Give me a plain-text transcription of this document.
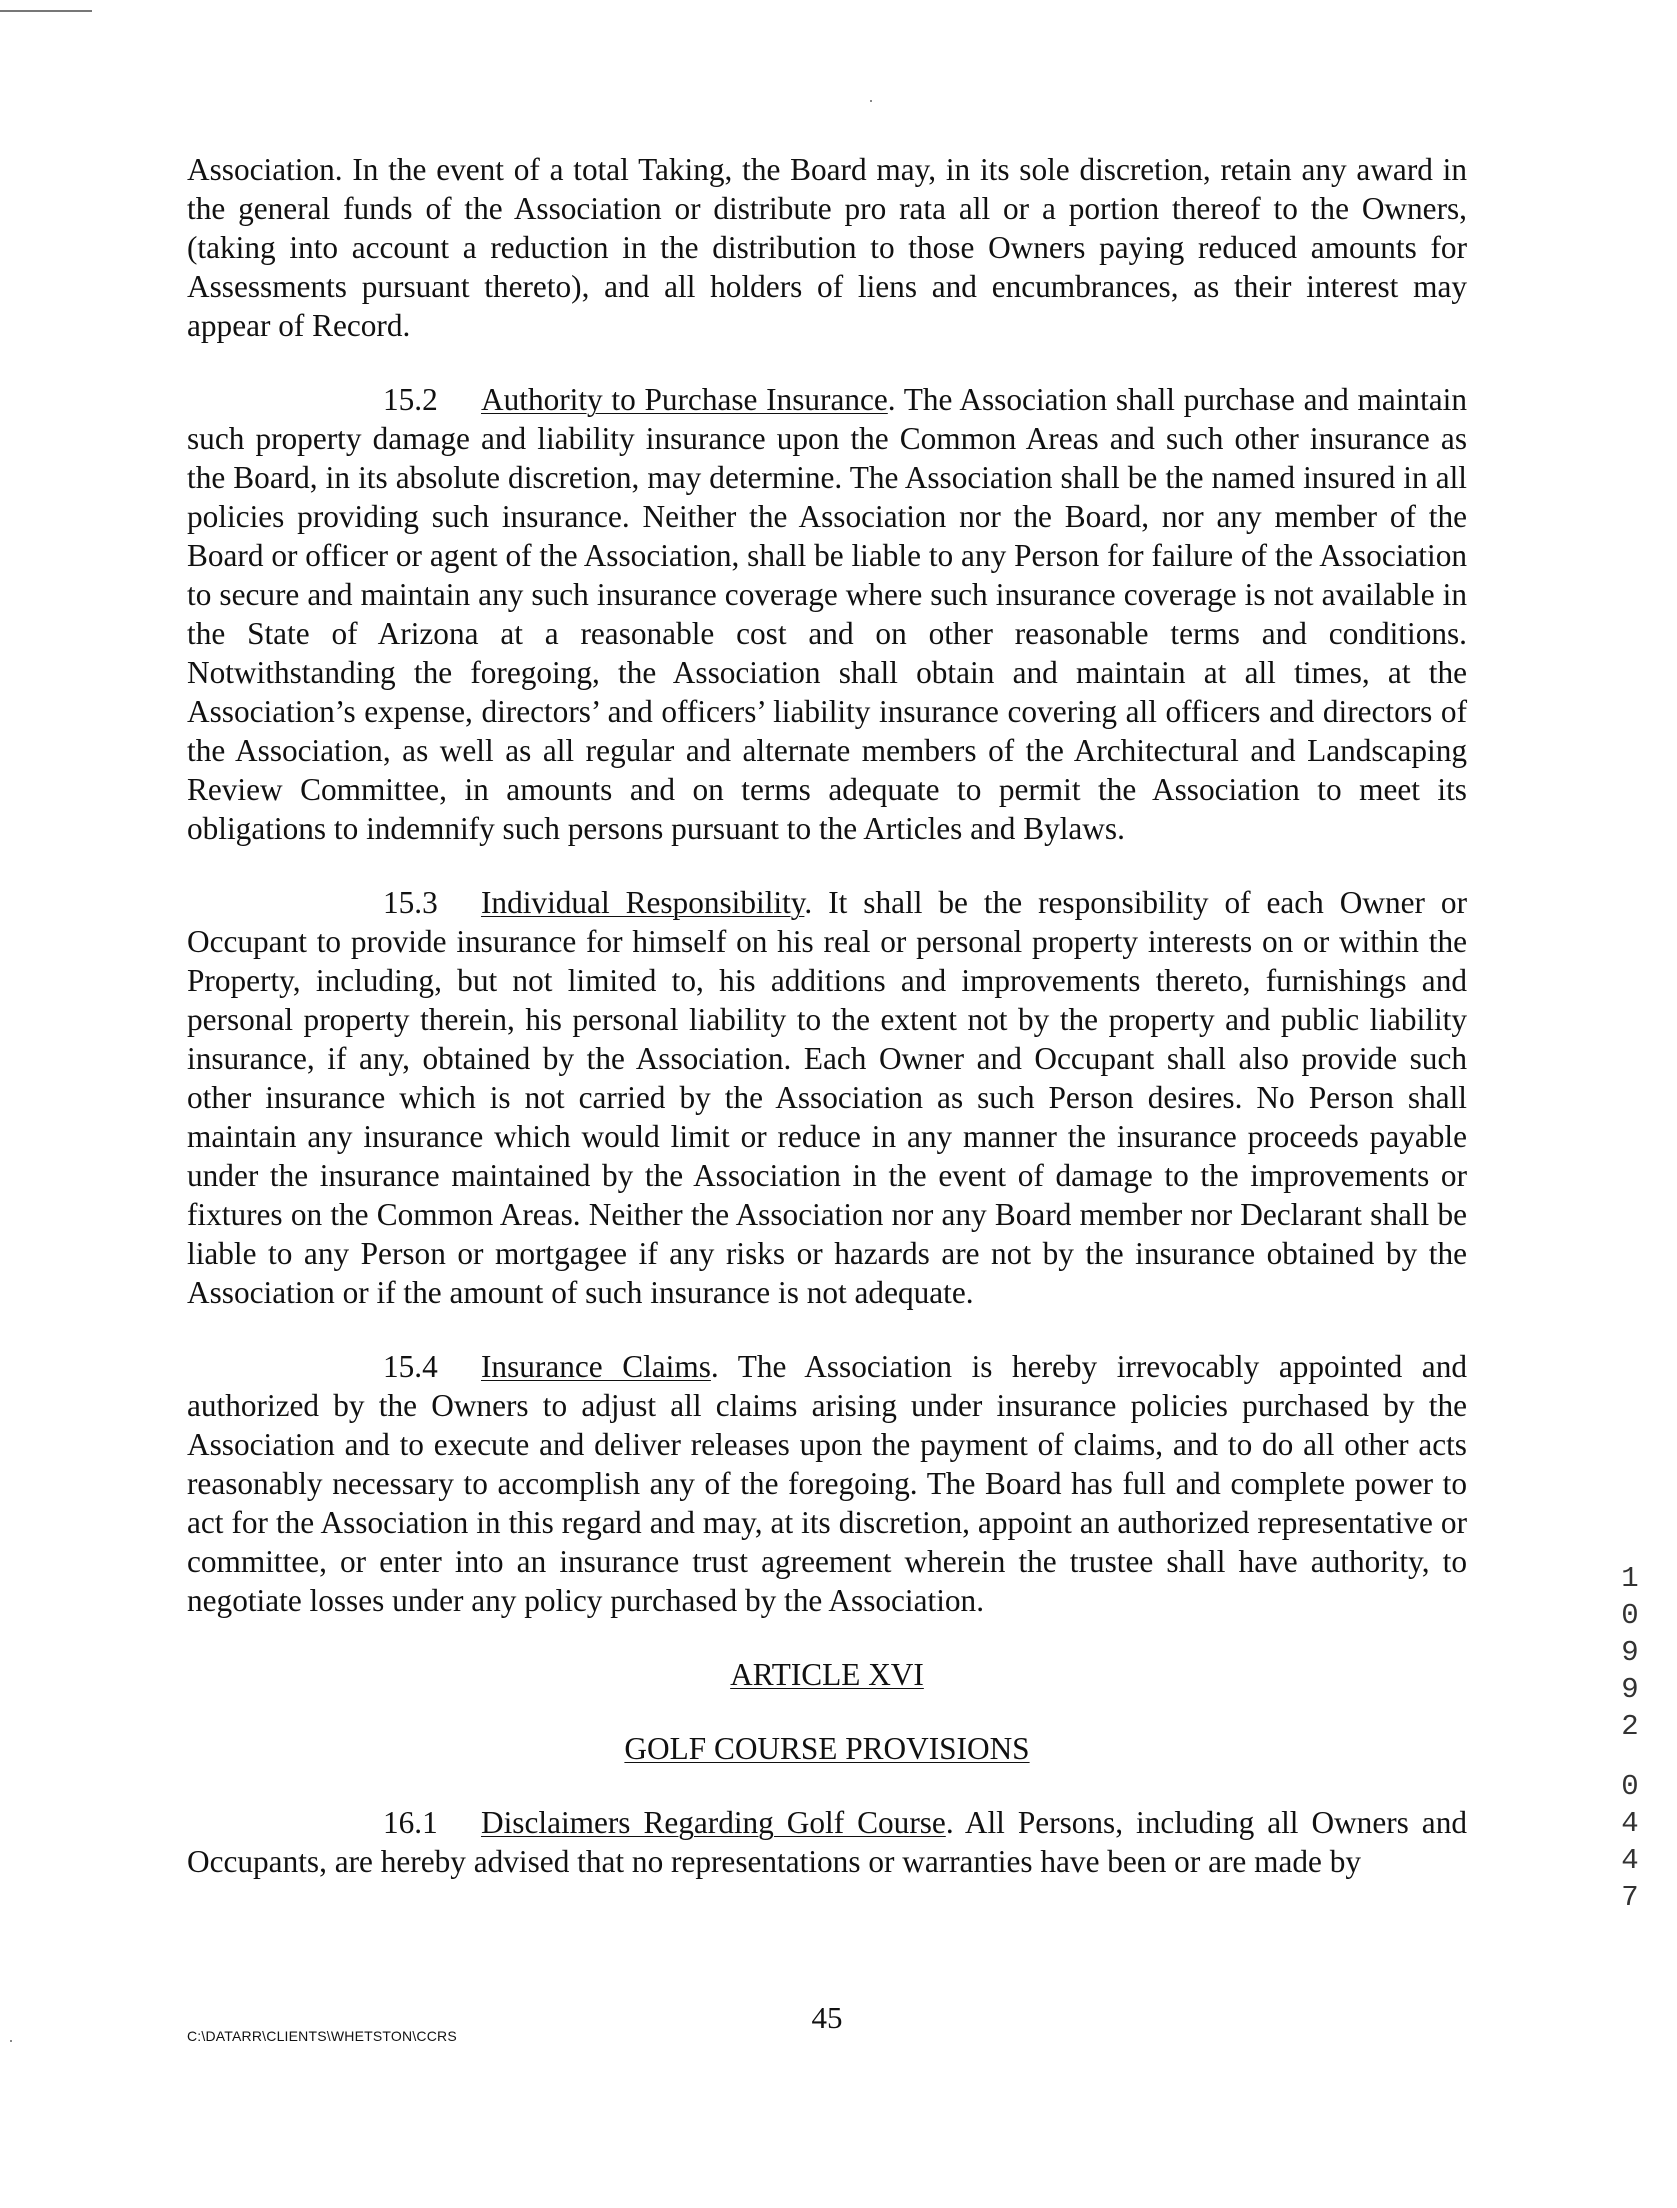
Association. In the event of a total Taking, the Board may, in its sole discretion, retain any award in the general funds of the Association or distribute pro rata all or a portion thereof to the Owners, (taking into account a reduction in the distribution to those Owners paying reduced amounts for Assessments pursuant thereto), and all holders of liens and encumbrances, as their interest may appear of Record.

15.2 Authority to Purchase Insurance. The Association shall purchase and maintain such property damage and liability insurance upon the Common Areas and such other insurance as the Board, in its absolute discretion, may determine. The Association shall be the named insured in all policies providing such insurance. Neither the Association nor the Board, nor any member of the Board or officer or agent of the Association, shall be liable to any Person for failure of the Association to secure and maintain any such insurance coverage where such insurance coverage is not available in the State of Arizona at a reasonable cost and on other reasonable terms and conditions. Notwithstanding the foregoing, the Association shall obtain and maintain at all times, at the Association’s expense, directors’ and officers’ liability insurance covering all officers and directors of the Association, as well as all regular and alternate members of the Architectural and Landscaping Review Committee, in amounts and on terms adequate to permit the Association to meet its obligations to indemnify such persons pursuant to the Articles and Bylaws.

15.3 Individual Responsibility. It shall be the responsibility of each Owner or Occupant to provide insurance for himself on his real or personal property interests on or within the Property, including, but not limited to, his additions and improvements thereto, furnishings and personal property therein, his personal liability to the extent not by the property and public liability insurance, if any, obtained by the Association. Each Owner and Occupant shall also provide such other insurance which is not carried by the Association as such Person desires. No Person shall maintain any insurance which would limit or reduce in any manner the insurance proceeds payable under the insurance maintained by the Association in the event of damage to the improvements or fixtures on the Common Areas. Neither the Association nor any Board member nor Declarant shall be liable to any Person or mortgagee if any risks or hazards are not by the insurance obtained by the Association or if the amount of such insurance is not adequate.

15.4 Insurance Claims. The Association is hereby irrevocably appointed and authorized by the Owners to adjust all claims arising under insurance policies purchased by the Association and to execute and deliver releases upon the payment of claims, and to do all other acts reasonably necessary to accomplish any of the foregoing. The Board has full and complete power to act for the Association in this regard and may, at its discretion, appoint an authorized representative or committee, or enter into an insurance trust agreement wherein the trustee shall have authority, to negotiate losses under any policy purchased by the Association.

ARTICLE XVI

GOLF COURSE PROVISIONS

16.1 Disclaimers Regarding Golf Course. All Persons, including all Owners and Occupants, are hereby advised that no representations or warranties have been or are made by

1
0
9
9
2
0
4
4
7
C:\DATARR\CLIENTS\WHETSTON\CCRS
45
